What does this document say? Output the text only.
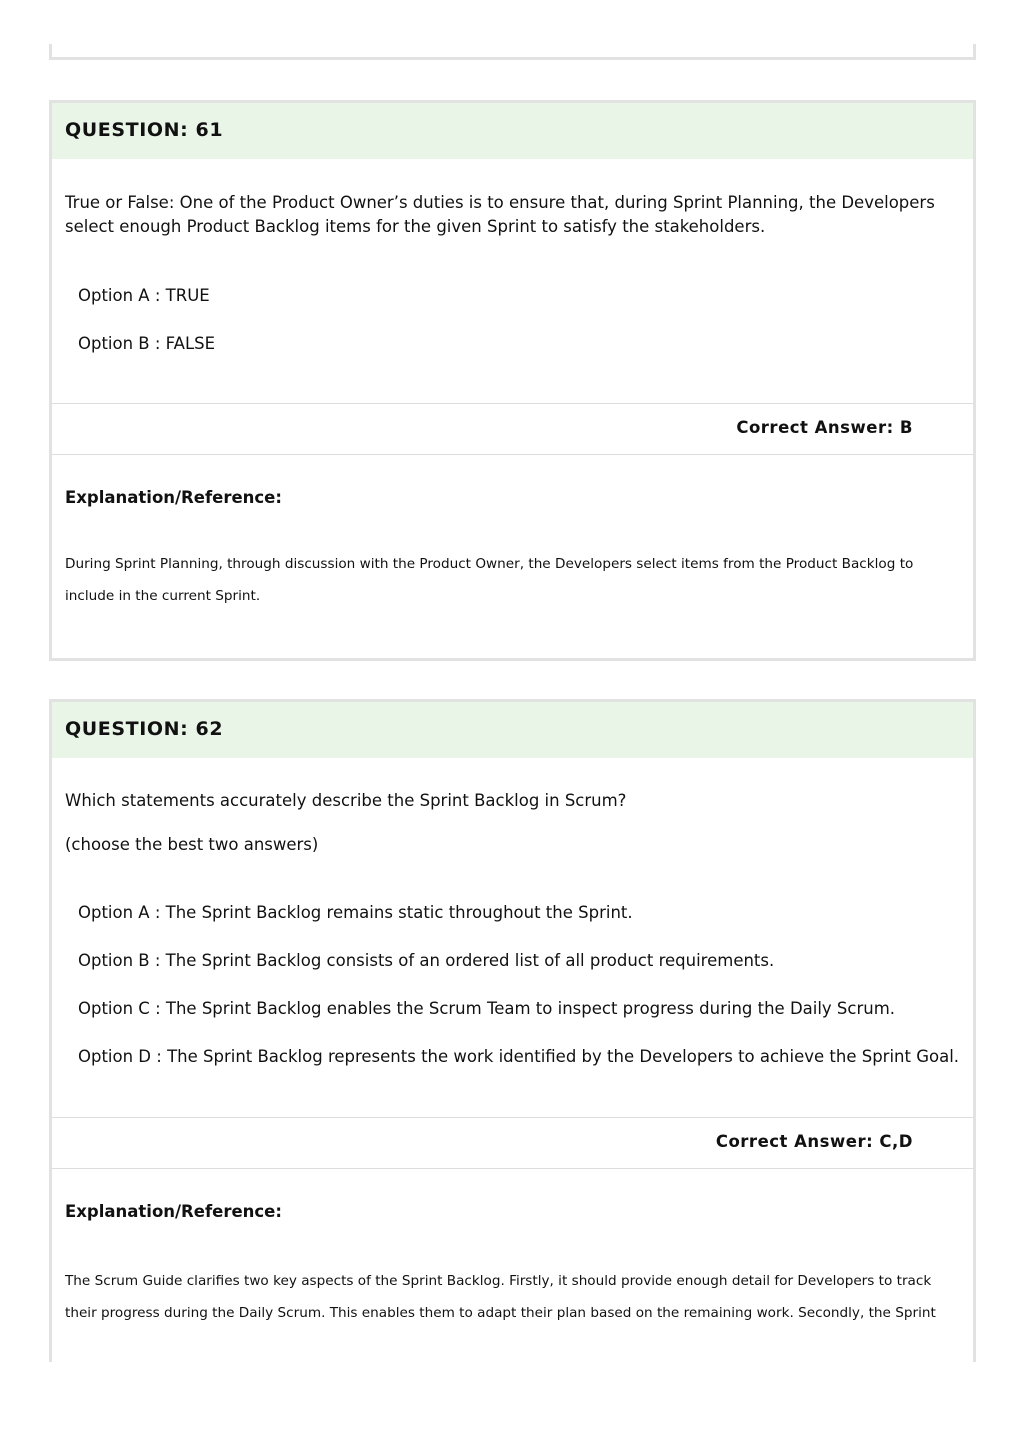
QUESTION: 61
True or False: One of the Product Owner’s duties is to ensure that, during Sprint Planning, the Developers select enough Product Backlog items for the given Sprint to satisfy the stakeholders.
Option A : TRUE
Option B : FALSE
Correct Answer: B
Explanation/Reference:
During Sprint Planning, through discussion with the Product Owner, the Developers select items from the Product Backlog to include in the current Sprint.
QUESTION: 62
Which statements accurately describe the Sprint Backlog in Scrum?
(choose the best two answers)
Option A : The Sprint Backlog remains static throughout the Sprint.
Option B : The Sprint Backlog consists of an ordered list of all product requirements.
Option C : The Sprint Backlog enables the Scrum Team to inspect progress during the Daily Scrum.
Option D : The Sprint Backlog represents the work identified by the Developers to achieve the Sprint Goal.
Correct Answer: C,D
Explanation/Reference:
The Scrum Guide clarifies two key aspects of the Sprint Backlog. Firstly, it should provide enough detail for Developers to track their progress during the Daily Scrum. This enables them to adapt their plan based on the remaining work. Secondly, the Sprint
